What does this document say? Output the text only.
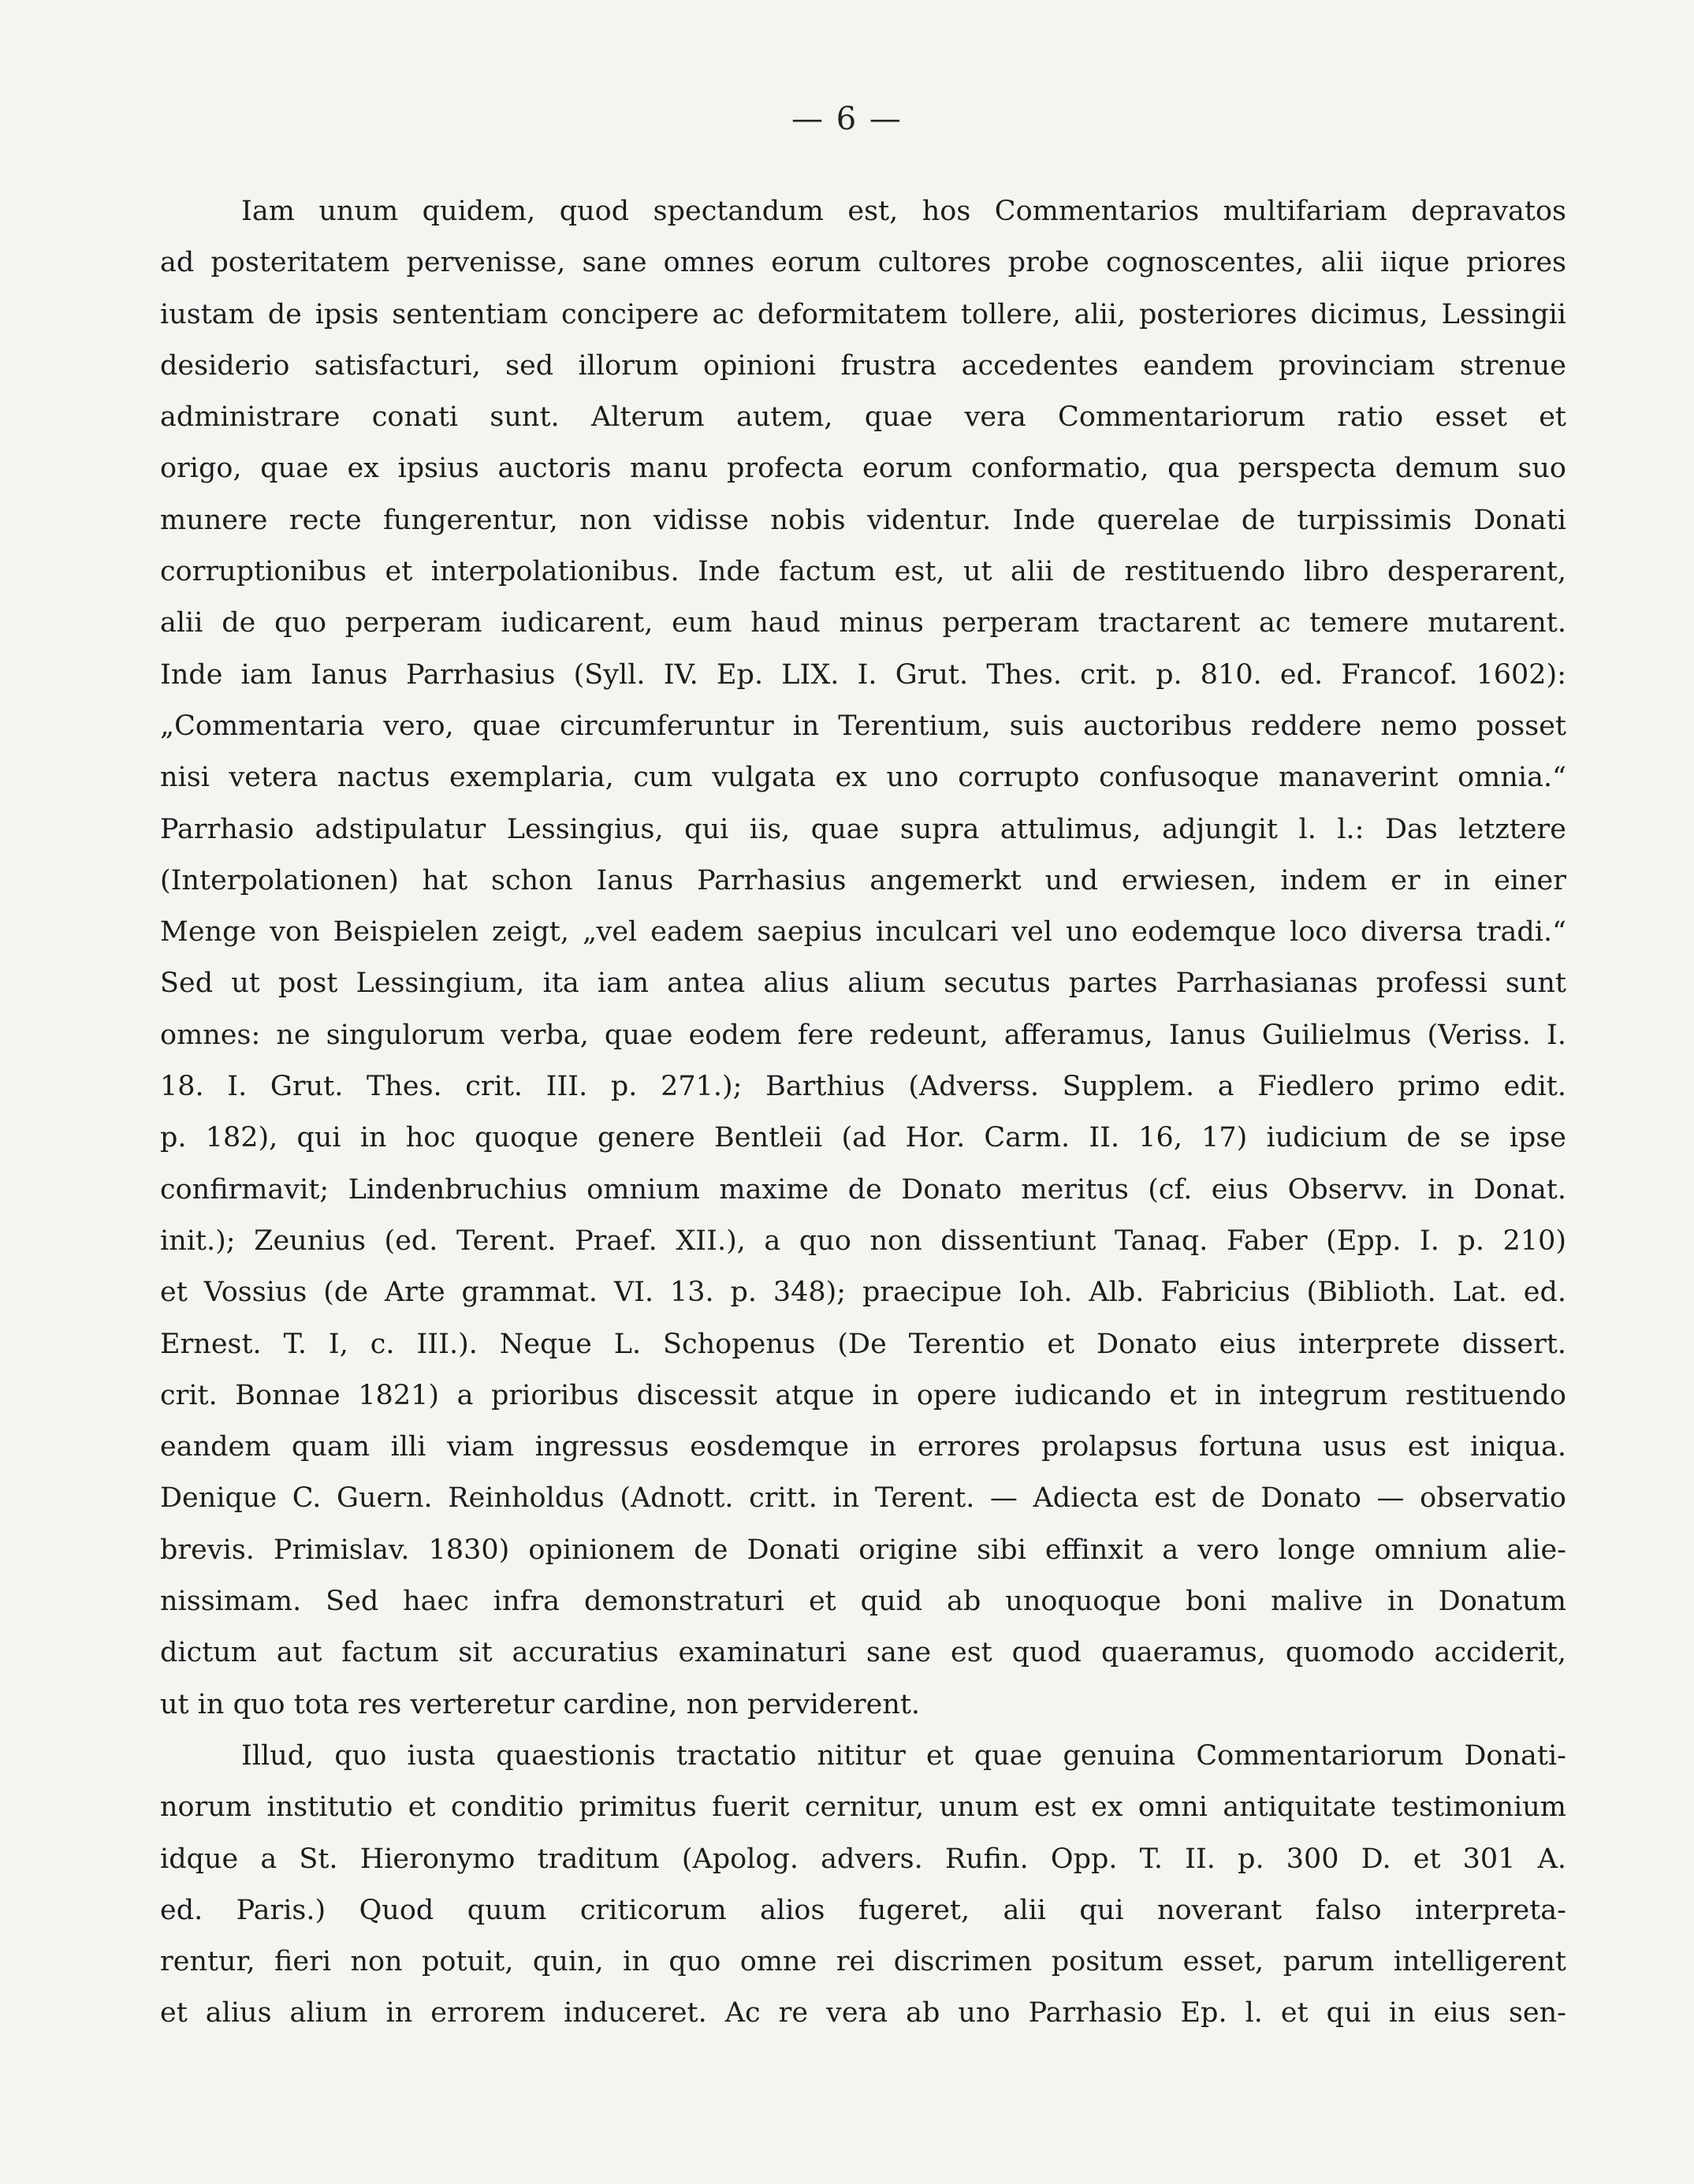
— 6 —
Iam unum quidem, quod spectandum est, hos Commentarios multifariam depravatos
ad posteritatem pervenisse, sane omnes eorum cultores probe cognoscentes, alii iique priores
iustam de ipsis sententiam concipere ac deformitatem tollere, alii, posteriores dicimus, Lessingii
desiderio satisfacturi, sed illorum opinioni frustra accedentes eandem provinciam strenue
administrare conati sunt. Alterum autem, quae vera Commentariorum ratio esset et
origo, quae ex ipsius auctoris manu profecta eorum conformatio, qua perspecta demum suo
munere recte fungerentur, non vidisse nobis videntur. Inde querelae de turpissimis Donati
corruptionibus et interpolationibus. Inde factum est, ut alii de restituendo libro desperarent,
alii de quo perperam iudicarent, eum haud minus perperam tractarent ac temere mutarent.
Inde iam Ianus Parrhasius (Syll. IV. Ep. LIX. I. Grut. Thes. crit. p. 810. ed. Francof. 1602):
„Commentaria vero, quae circumferuntur in Terentium, suis auctoribus reddere nemo posset
nisi vetera nactus exemplaria, cum vulgata ex uno corrupto confusoque manaverint omnia.“
Parrhasio adstipulatur Lessingius, qui iis, quae supra attulimus, adjungit l. l.: Das letztere
(Interpolationen) hat schon Ianus Parrhasius angemerkt und erwiesen, indem er in einer
Menge von Beispielen zeigt, „vel eadem saepius inculcari vel uno eodemque loco diversa tradi.“
Sed ut post Lessingium, ita iam antea alius alium secutus partes Parrhasianas professi sunt
omnes: ne singulorum verba, quae eodem fere redeunt, afferamus, Ianus Guilielmus (Veriss. I.
18. I. Grut. Thes. crit. III. p. 271.); Barthius (Adverss. Supplem. a Fiedlero primo edit.
p. 182), qui in hoc quoque genere Bentleii (ad Hor. Carm. II. 16, 17) iudicium de se ipse
confirmavit; Lindenbruchius omnium maxime de Donato meritus (cf. eius Observv. in Donat.
init.); Zeunius (ed. Terent. Praef. XII.), a quo non dissentiunt Tanaq. Faber (Epp. I. p. 210)
et Vossius (de Arte grammat. VI. 13. p. 348); praecipue Ioh. Alb. Fabricius (Biblioth. Lat. ed.
Ernest. T. I, c. III.). Neque L. Schopenus (De Terentio et Donato eius interprete dissert.
crit. Bonnae 1821) a prioribus discessit atque in opere iudicando et in integrum restituendo
eandem quam illi viam ingressus eosdemque in errores prolapsus fortuna usus est iniqua.
Denique C. Guern. Reinholdus (Adnott. critt. in Terent. — Adiecta est de Donato — observatio
brevis. Primislav. 1830) opinionem de Donati origine sibi effinxit a vero longe omnium alie-
nissimam. Sed haec infra demonstraturi et quid ab unoquoque boni malive in Donatum
dictum aut factum sit accuratius examinaturi sane est quod quaeramus, quomodo acciderit,
ut in quo tota res verteretur cardine, non perviderent.
Illud, quo iusta quaestionis tractatio nititur et quae genuina Commentariorum Donati-
norum institutio et conditio primitus fuerit cernitur, unum est ex omni antiquitate testimonium
idque a St. Hieronymo traditum (Apolog. advers. Rufin. Opp. T. II. p. 300 D. et 301 A.
ed. Paris.) Quod quum criticorum alios fugeret, alii qui noverant falso interpreta-
rentur, fieri non potuit, quin, in quo omne rei discrimen positum esset, parum intelligerent
et alius alium in errorem induceret. Ac re vera ab uno Parrhasio Ep. l. et qui in eius sen-
